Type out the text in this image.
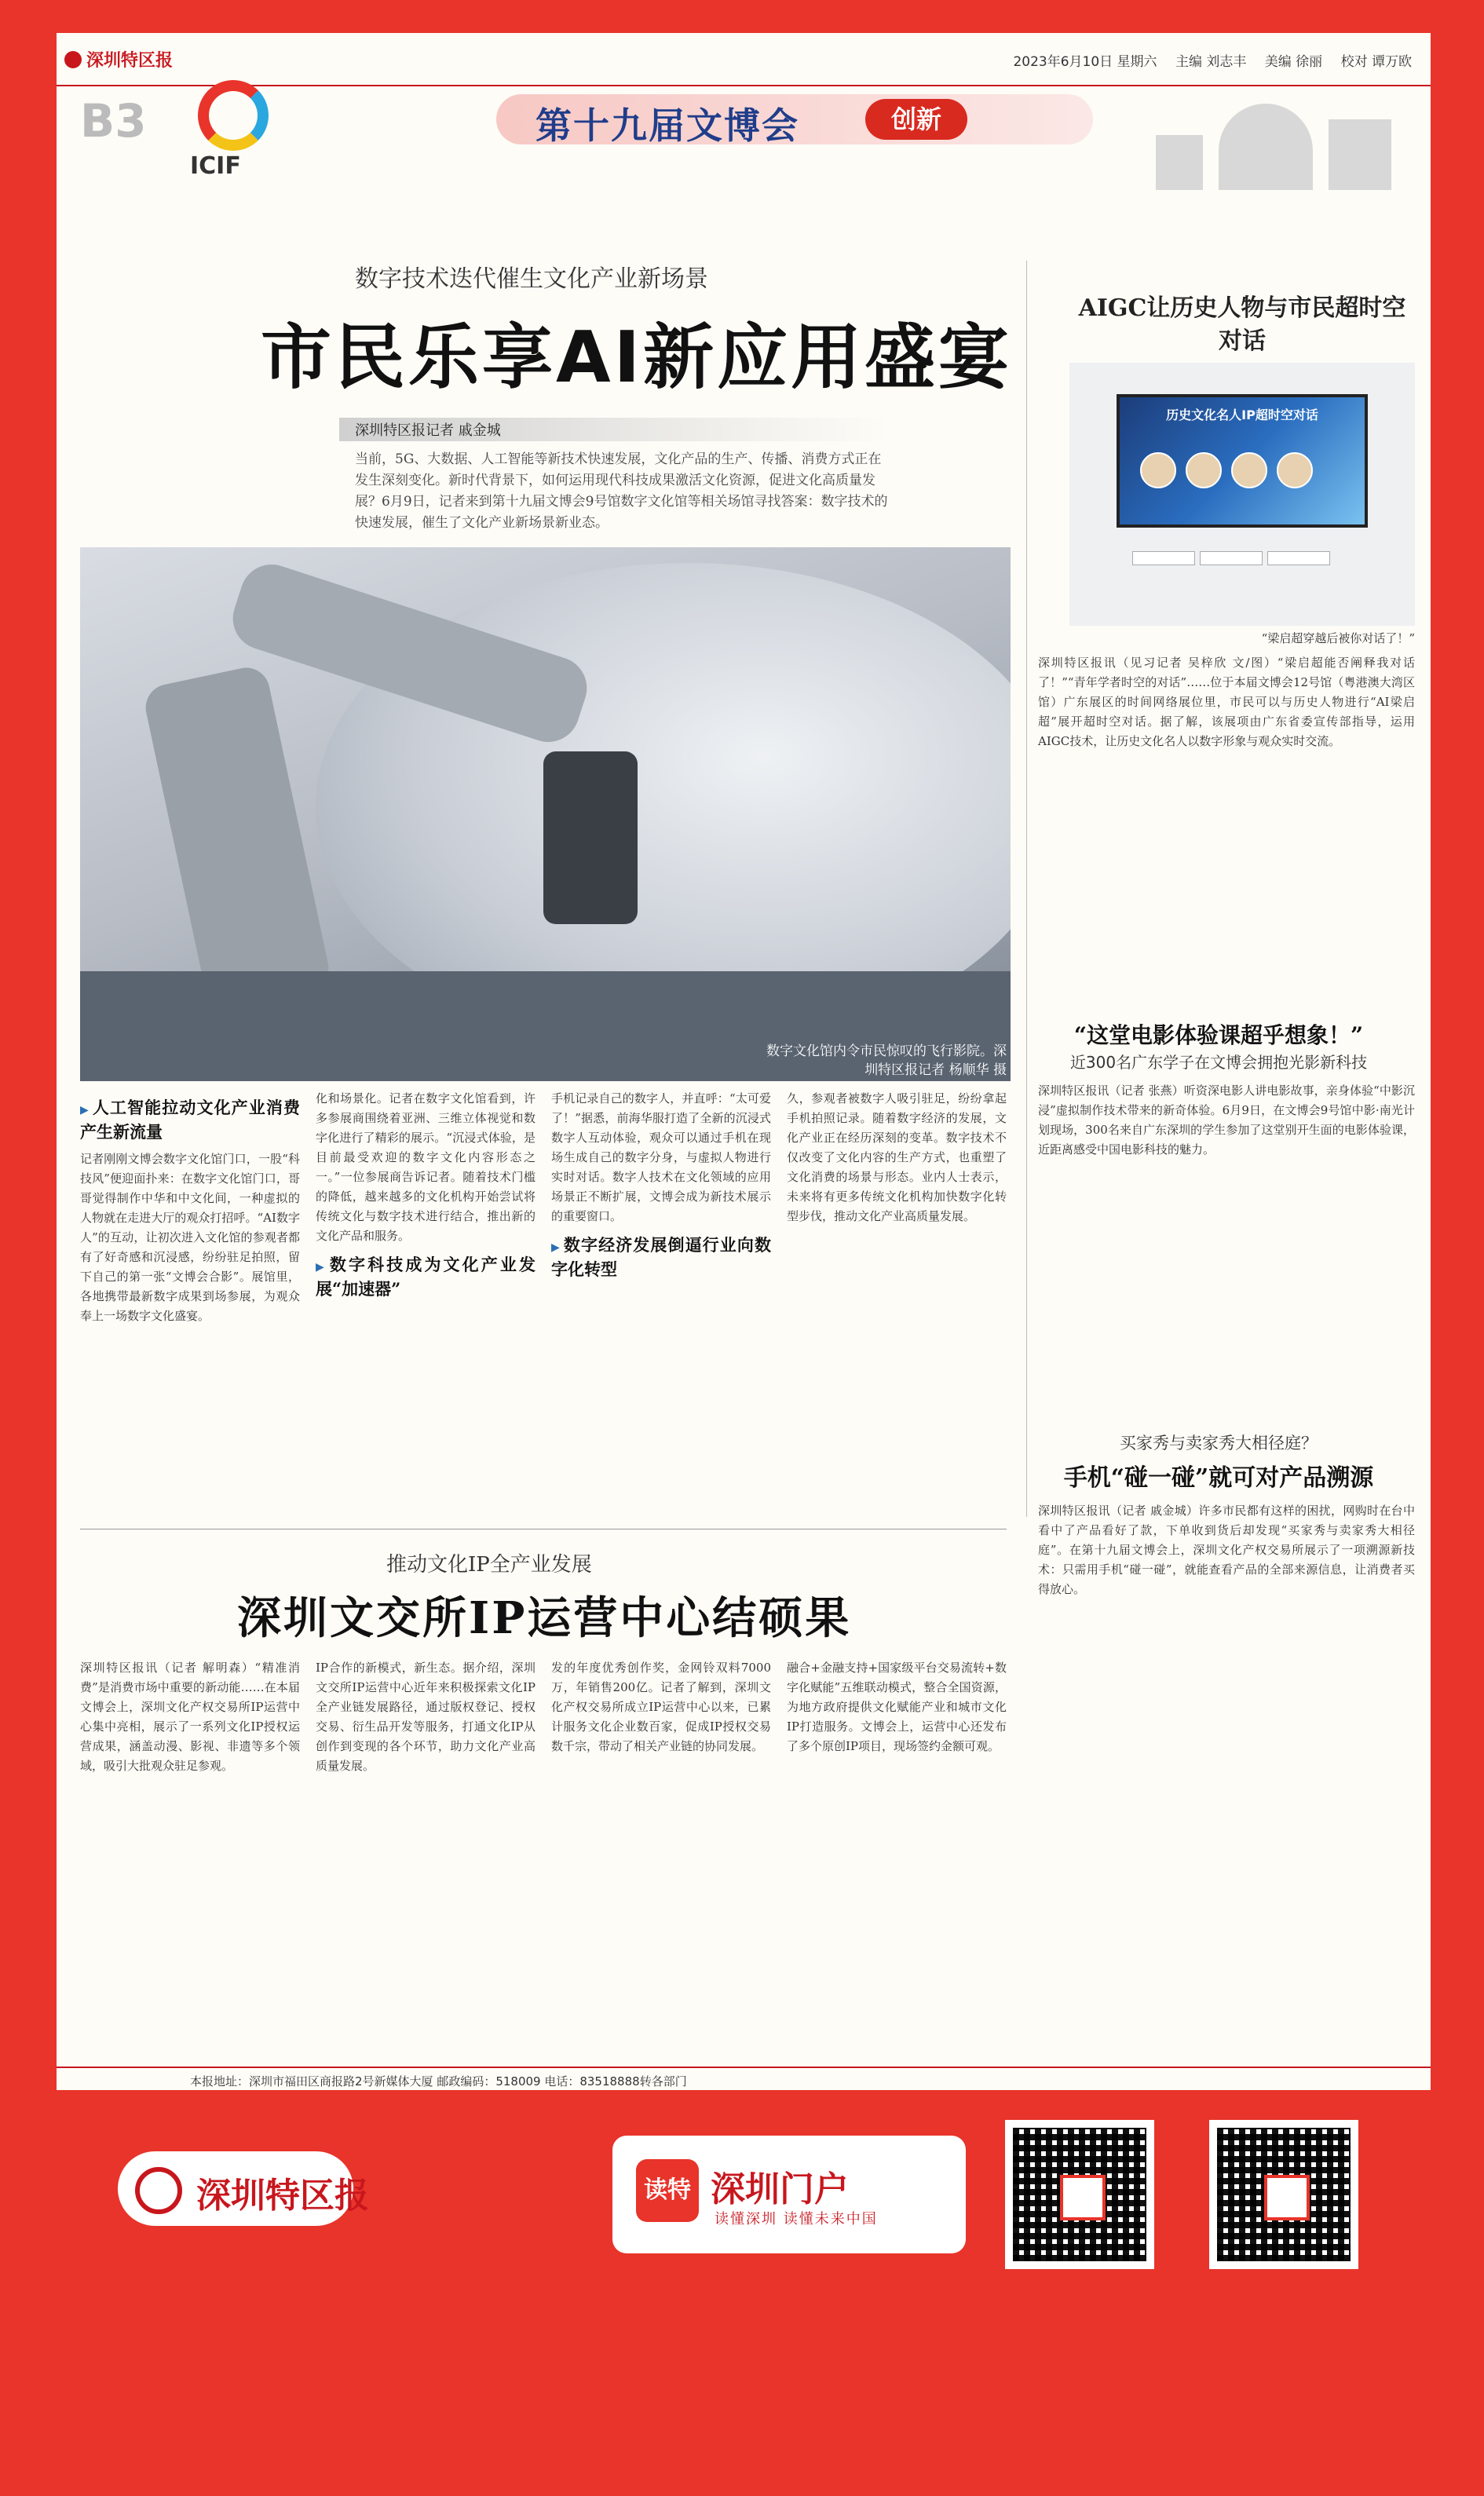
深圳特区报	2023年6月10日 星期六 主编 刘志丰 美编 徐丽 校对 谭万欧
B3
ICIF
第十九届文博会	创新
数字技术迭代催生文化产业新场景
市民乐享AI新应用盛宴
深圳特区报记者 戚金城
当前，5G、大数据、人工智能等新技术快速发展，文化产品的生产、传播、消费方式正在发生深刻变化。新时代背景下，如何运用现代科技成果激活文化资源，促进文化高质量发展？6月9日，记者来到第十九届文博会9号馆数字文化馆等相关场馆寻找答案：数字技术的快速发展，催生了文化产业新场景新业态。
数字文化馆内令市民惊叹的飞行影院。深圳特区报记者 杨顺华 摄
▶ 人工智能拉动文化产业消费产生新流量
记者刚刚文博会数字文化馆门口，一股“科技风”便迎面扑来：在数字文化馆门口，哥哥觉得制作中华和中文化间，一种虚拟的人物就在走进大厅的观众打招呼。“AI数字人”的互动，让初次进入文化馆的参观者都有了好奇感和沉浸感，纷纷驻足拍照，留下自己的第一张“文博会合影”。展馆里，各地携带最新数字成果到场参展，为观众奉上一场数字文化盛宴。
化和场景化。记者在数字文化馆看到，许多参展商围绕着亚洲、三维立体视觉和数字化进行了精彩的展示。“沉浸式体验，是目前最受欢迎的数字文化内容形态之一。”一位参展商告诉记者。随着技术门槛的降低，越来越多的文化机构开始尝试将传统文化与数字技术进行结合，推出新的文化产品和服务。
▶ 数字科技成为文化产业发展“加速器”
手机记录自己的数字人，并直呼：“太可爱了！”据悉，前海华服打造了全新的沉浸式数字人互动体验，观众可以通过手机在现场生成自己的数字分身，与虚拟人物进行实时对话。数字人技术在文化领域的应用场景正不断扩展，文博会成为新技术展示的重要窗口。
▶ 数字经济发展倒逼行业向数字化转型
久，参观者被数字人吸引驻足，纷纷拿起手机拍照记录。随着数字经济的发展，文化产业正在经历深刻的变革。数字技术不仅改变了文化内容的生产方式，也重塑了文化消费的场景与形态。业内人士表示，未来将有更多传统文化机构加快数字化转型步伐，推动文化产业高质量发展。
AIGC让历史人物与市民超时空对话
历史文化名人IP超时空对话
“梁启超穿越后被你对话了！”
深圳特区报讯（见习记者 吴梓欣 文/图）“梁启超能否阐释我对话了！”“青年学者时空的对话”……位于本届文博会12号馆（粤港澳大湾区馆）广东展区的时间网络展位里，市民可以与历史人物进行“AI梁启超”展开超时空对话。据了解，该展项由广东省委宣传部指导，运用AIGC技术，让历史文化名人以数字形象与观众实时交流。
“这堂电影体验课超乎想象！”
近300名广东学子在文博会拥抱光影新科技
深圳特区报讯（记者 张燕）听资深电影人讲电影故事，亲身体验“中影沉浸”虚拟制作技术带来的新奇体验。6月9日，在文博会9号馆中影·南光计划现场，300名来自广东深圳的学生参加了这堂别开生面的电影体验课，近距离感受中国电影科技的魅力。
买家秀与卖家秀大相径庭？
手机“碰一碰”就可对产品溯源
深圳特区报讯（记者 戚金城）许多市民都有这样的困扰，网购时在台中看中了产品看好了款，下单收到货后却发现“买家秀与卖家秀大相径庭”。在第十九届文博会上，深圳文化产权交易所展示了一项溯源新技术：只需用手机“碰一碰”，就能查看产品的全部来源信息，让消费者买得放心。
推动文化IP全产业发展
深圳文交所IP运营中心结硕果
深圳特区报讯（记者 解明森）“精准消费”是消费市场中重要的新动能……在本届文博会上，深圳文化产权交易所IP运营中心集中亮相，展示了一系列文化IP授权运营成果，涵盖动漫、影视、非遗等多个领域，吸引大批观众驻足参观。
IP合作的新模式，新生态。据介绍，深圳文交所IP运营中心近年来积极探索文化IP全产业链发展路径，通过版权登记、授权交易、衍生品开发等服务，打通文化IP从创作到变现的各个环节，助力文化产业高质量发展。
发的年度优秀创作奖，金网铃双料7000万，年销售200亿。记者了解到，深圳文化产权交易所成立IP运营中心以来，已累计服务文化企业数百家，促成IP授权交易数千宗，带动了相关产业链的协同发展。
融合+金融支持+国家级平台交易流转+数字化赋能”五维联动模式，整合全国资源，为地方政府提供文化赋能产业和城市文化IP打造服务。文博会上，运营中心还发布了多个原创IP项目，现场签约金额可观。
本报地址：深圳市福田区商报路2号新媒体大厦 邮政编码：518009 电话：83518888转各部门
深圳特区报	读特 深圳门户
读懂深圳 读懂未来中国
